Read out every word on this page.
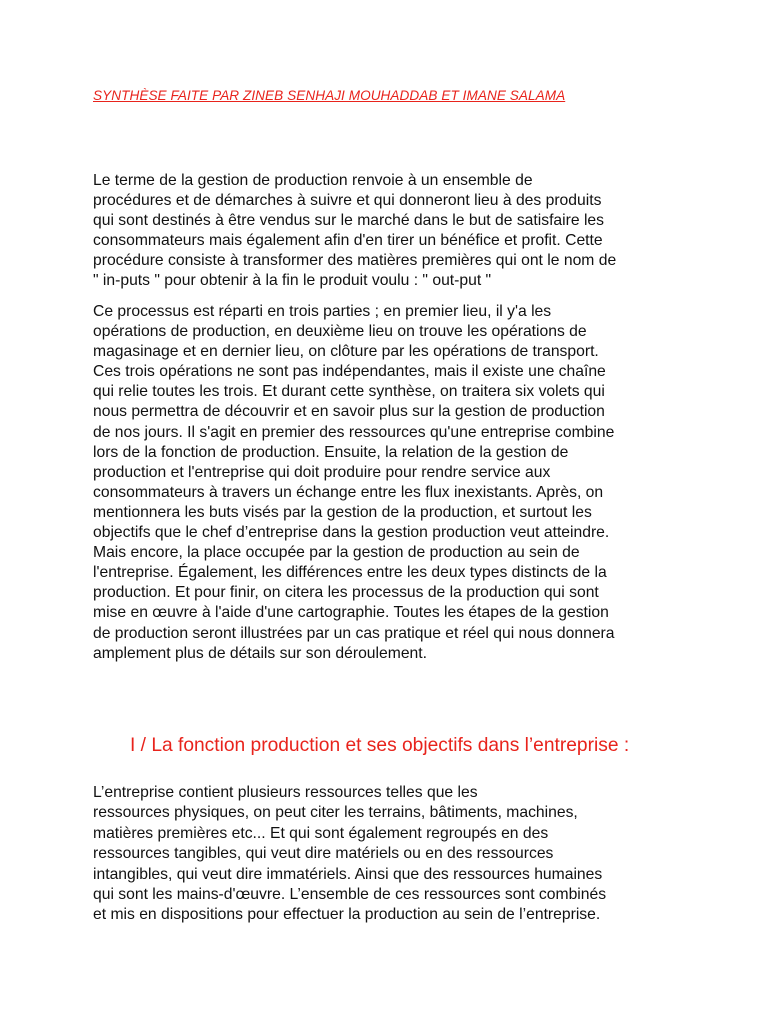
SYNTHÈSE FAITE PAR ZINEB SENHAJI MOUHADDAB ET IMANE SALAMA

Le terme de la gestion de production renvoie à un ensemble de
procédures et de démarches à suivre et qui donneront lieu à des produits
qui sont destinés à être vendus sur le marché dans le but de satisfaire les
consommateurs mais également afin d'en tirer un bénéfice et profit. Cette
procédure consiste à transformer des matières premières qui ont le nom de
" in-puts " pour obtenir à la fin le produit voulu : " out-put "

Ce processus est réparti en trois parties ; en premier lieu, il y'a les
opérations de production, en deuxième lieu on trouve les opérations de
magasinage et en dernier lieu, on clôture par les opérations de transport.
Ces trois opérations ne sont pas indépendantes, mais il existe une chaîne
qui relie toutes les trois. Et durant cette synthèse, on traitera six volets qui
nous permettra de découvrir et en savoir plus sur la gestion de production
de nos jours. Il s'agit en premier des ressources qu'une entreprise combine
lors de la fonction de production. Ensuite, la relation de la gestion de
production et l'entreprise qui doit produire pour rendre service aux
consommateurs à travers un échange entre les flux inexistants. Après, on
mentionnera les buts visés par la gestion de la production, et surtout les
objectifs que le chef d’entreprise dans la gestion production veut atteindre.
Mais encore, la place occupée par la gestion de production au sein de
l'entreprise. Également, les différences entre les deux types distincts de la
production. Et pour finir, on citera les processus de la production qui sont
mise en œuvre à l'aide d'une cartographie. Toutes les étapes de la gestion
de production seront illustrées par un cas pratique et réel qui nous donnera
amplement plus de détails sur son déroulement.

I / La fonction production et ses objectifs dans l’entreprise :

L’entreprise contient plusieurs ressources telles que les
ressources physiques, on peut citer les terrains, bâtiments, machines,
matières premières etc... Et qui sont également regroupés en des
ressources tangibles, qui veut dire matériels ou en des ressources
intangibles, qui veut dire immatériels. Ainsi que des ressources humaines
qui sont les mains-d'œuvre. L’ensemble de ces ressources sont combinés
et mis en dispositions pour effectuer la production au sein de l’entreprise.
